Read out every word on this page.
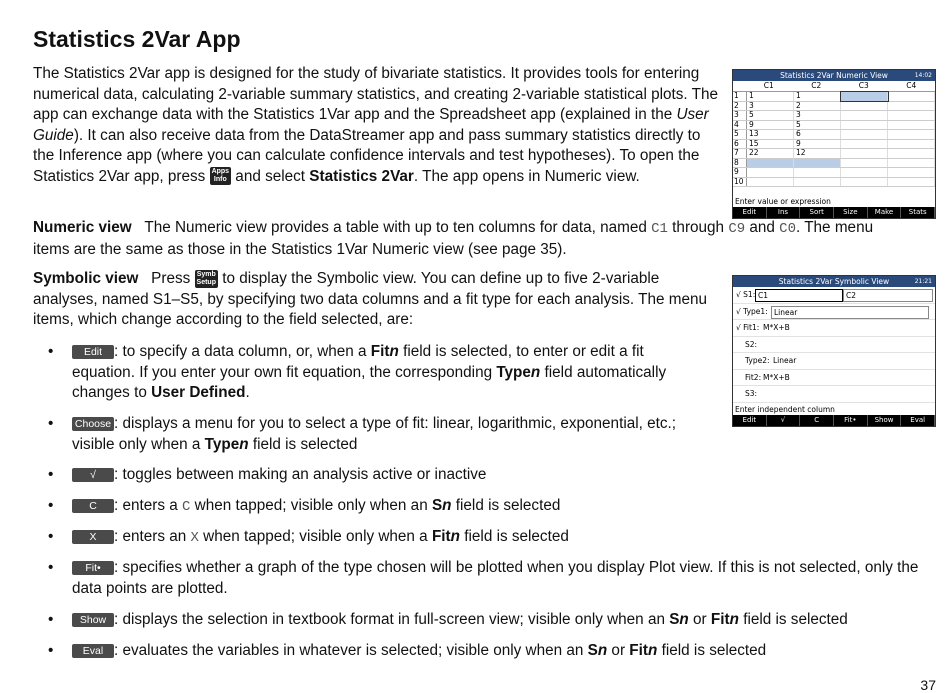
Statistics 2Var App
The Statistics 2Var app is designed for the study of bivariate statistics. It provides tools for entering numerical data, calculating 2-variable summary statistics, and creating 2-variable statistical plots. The app can exchange data with the Statistics 1Var app and the Spreadsheet app (explained in the User Guide). It can also receive data from the DataStreamer app and pass summary statistics directly to the Inference app (where you can calculate confidence intervals and test hypotheses). To open the Statistics 2Var app, press Apps
Info and select Statistics 2Var. The app opens in Numeric view.
Numeric view The Numeric view provides a table with up to ten columns for data, named C1 through C9 and C0. The menu items are the same as those in the Statistics 1Var Numeric view (see page 35).
Symbolic view Press Symb
Setup to display the Symbolic view. You can define up to five 2-variable analyses, named S1–S5, by specifying two data columns and a fit type for each analysis. The menu items, which change according to the field selected, are:
•	Edit : to specify a data column, or, when a Fitn field is selected, to enter or edit a fit equation. If you enter your own fit equation, the corresponding Typen field automatically changes to User Defined.
• Choose : displays a menu for you to select a type of fit: linear, logarithmic, exponential, etc.; visible only when a Typen field is selected
•	√ : toggles between making an analysis active or inactive
•	C : enters a C when tapped; visible only when an Sn field is selected
•	X : enters an X when tapped; visible only when a Fitn field is selected
•	Fit• : specifies whether a graph of the type chosen will be plotted when you display Plot view. If this is not selected, only the data points are plotted.
•	Show : displays the selection in textbook format in full-screen view; visible only when an Sn or Fitn field is selected
•	Eval : evaluates the variables in whatever is selected; visible only when an Sn or Fitn field is selected
37
Statistics 2Var Numeric View	14:02
C1	C2	C3	C4
1	1	1
2	3	2
3	5	3
4	9	5
5	13	6
6	15	9
7	22	12
8
9
10
Enter value or expression
Edit	Ins	Sort	Size	Make	Stats
Statistics 2Var Symbolic View	21:21
√ S1: C1	C2
√ Type1: Linear
√ Fit1: M*X+B
S2:
Type2: Linear
Fit2: M*X+B
S3:
Enter independent column
Edit	√	C	Fit•	Show	Eval
